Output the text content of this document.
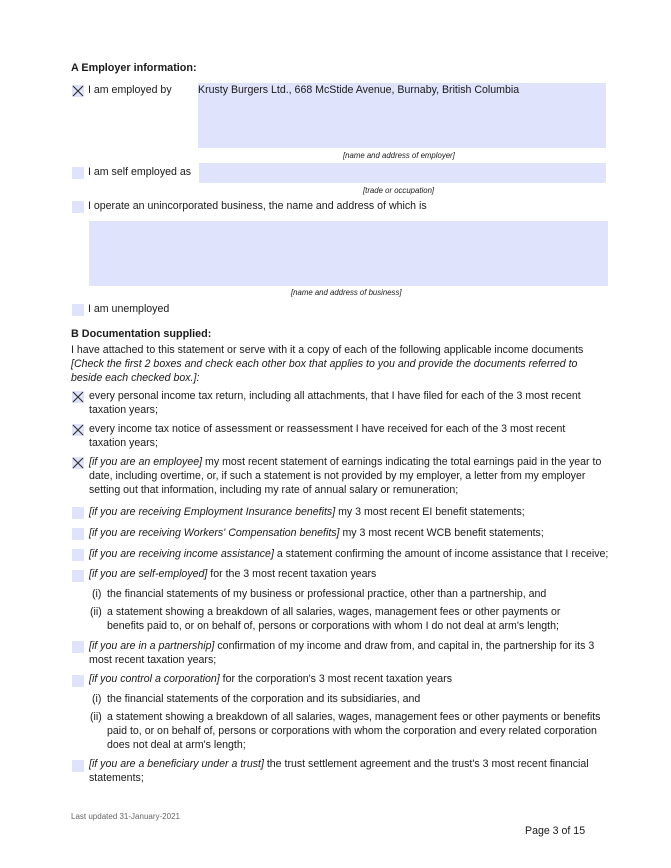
A Employer information:
I am employed by Krusty Burgers Ltd., 668 McStide Avenue, Burnaby, British Columbia
[name and address of employer]
I am self employed as
[trade or occupation]
I operate an unincorporated business, the name and address of which is
[name and address of business]
I am unemployed
B Documentation supplied:
I have attached to this statement or serve with it a copy of each of the following applicable income documents
[Check the first 2 boxes and check each other box that applies to you and provide the documents referred to beside each checked box.]:
every personal income tax return, including all attachments, that I have filed for each of the 3 most recent taxation years;
every income tax notice of assessment or reassessment I have received for each of the 3 most recent taxation years;
[if you are an employee] my most recent statement of earnings indicating the total earnings paid in the year to date, including overtime, or, if such a statement is not provided by my employer, a letter from my employer setting out that information, including my rate of annual salary or remuneration;
[if you are receiving Employment Insurance benefits] my 3 most recent EI benefit statements;
[if you are receiving Workers' Compensation benefits] my 3 most recent WCB benefit statements;
[if you are receiving income assistance] a statement confirming the amount of income assistance that I receive;
[if you are self-employed] for the 3 most recent taxation years
(i) the financial statements of my business or professional practice, other than a partnership, and
(ii) a statement showing a breakdown of all salaries, wages, management fees or other payments or benefits paid to, or on behalf of, persons or corporations with whom I do not deal at arm's length;
[if you are in a partnership] confirmation of my income and draw from, and capital in, the partnership for its 3 most recent taxation years;
[if you control a corporation] for the corporation's 3 most recent taxation years
(i) the financial statements of the corporation and its subsidiaries, and
(ii) a statement showing a breakdown of all salaries, wages, management fees or other payments or benefits paid to, or on behalf of, persons or corporations with whom the corporation and every related corporation does not deal at arm's length;
[if you are a beneficiary under a trust] the trust settlement agreement and the trust's 3 most recent financial statements;
Last updated 31-January-2021
Page 3 of 15
